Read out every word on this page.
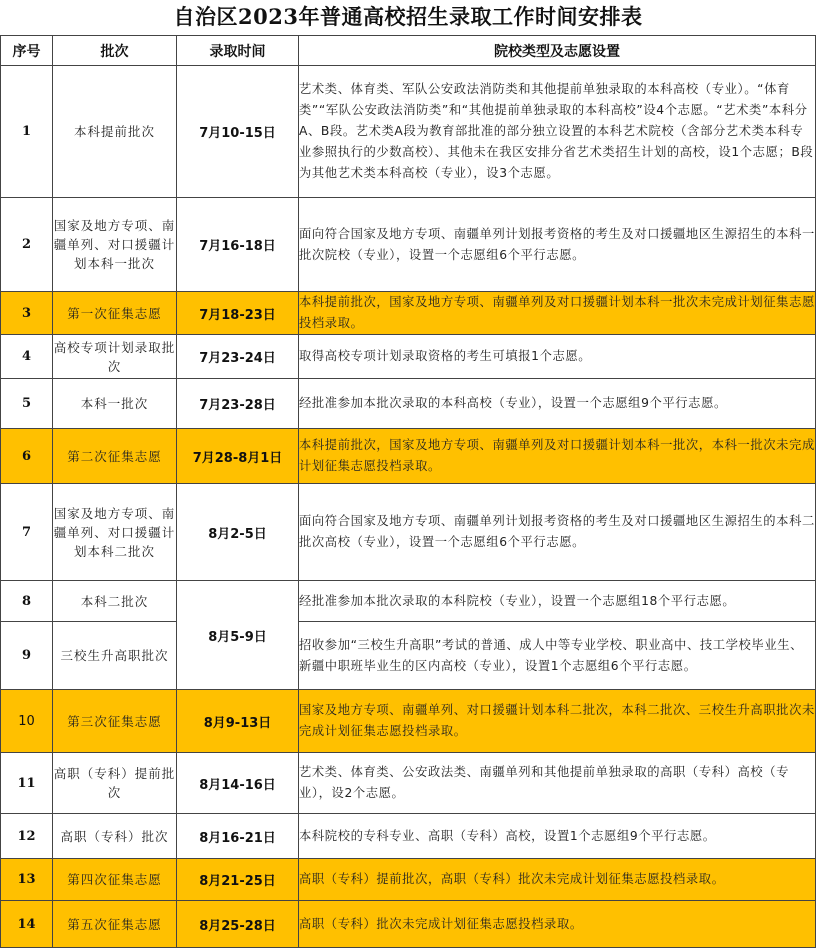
自治区2023年普通高校招生录取工作时间安排表
序号	批次	录取时间	院校类型及志愿设置
1	本科提前批次	7月10-15日	艺术类、体育类、军队公安政法消防类和其他提前单独录取的本科高校（专业）。“体育类”“军队公安政法消防类”和“其他提前单独录取的本科高校”设4个志愿。“艺术类”本科分A、B段。艺术类A段为教育部批准的部分独立设置的本科艺术院校（含部分艺术类本科专业参照执行的少数高校）、其他未在我区安排分省艺术类招生计划的高校，设1个志愿；B段为其他艺术类本科高校（专业），设3个志愿。
2	国家及地方专项、南疆单列、对口援疆计划本科一批次	7月16-18日	面向符合国家及地方专项、南疆单列计划报考资格的考生及对口援疆地区生源招生的本科一批次院校（专业），设置一个志愿组6个平行志愿。
3	第一次征集志愿	7月18-23日	本科提前批次，国家及地方专项、南疆单列及对口援疆计划本科一批次未完成计划征集志愿投档录取。
4	高校专项计划录取批次	7月23-24日	取得高校专项计划录取资格的考生可填报1个志愿。
5	本科一批次	7月23-28日	经批准参加本批次录取的本科高校（专业），设置一个志愿组9个平行志愿。
6	第二次征集志愿	7月28-8月1日	本科提前批次，国家及地方专项、南疆单列及对口援疆计划本科一批次，本科一批次未完成计划征集志愿投档录取。
7	国家及地方专项、南疆单列、对口援疆计划本科二批次	8月2-5日	面向符合国家及地方专项、南疆单列计划报考资格的考生及对口援疆地区生源招生的本科二批次高校（专业），设置一个志愿组6个平行志愿。
8	本科二批次	8月5-9日	经批准参加本批次录取的本科院校（专业），设置一个志愿组18个平行志愿。
9	三校生升高职批次		招收参加“三校生升高职”考试的普通、成人中等专业学校、职业高中、技工学校毕业生、新疆中职班毕业生的区内高校（专业），设置1个志愿组6个平行志愿。
10	第三次征集志愿	8月9-13日	国家及地方专项、南疆单列、对口援疆计划本科二批次，本科二批次、三校生升高职批次未完成计划征集志愿投档录取。
11	高职（专科）提前批次	8月14-16日	艺术类、体育类、公安政法类、南疆单列和其他提前单独录取的高职（专科）高校（专业），设2个志愿。
12	高职（专科）批次	8月16-21日	本科院校的专科专业、高职（专科）高校，设置1个志愿组9个平行志愿。
13	第四次征集志愿	8月21-25日	高职（专科）提前批次，高职（专科）批次未完成计划征集志愿投档录取。
14	第五次征集志愿	8月25-28日	高职（专科）批次未完成计划征集志愿投档录取。
